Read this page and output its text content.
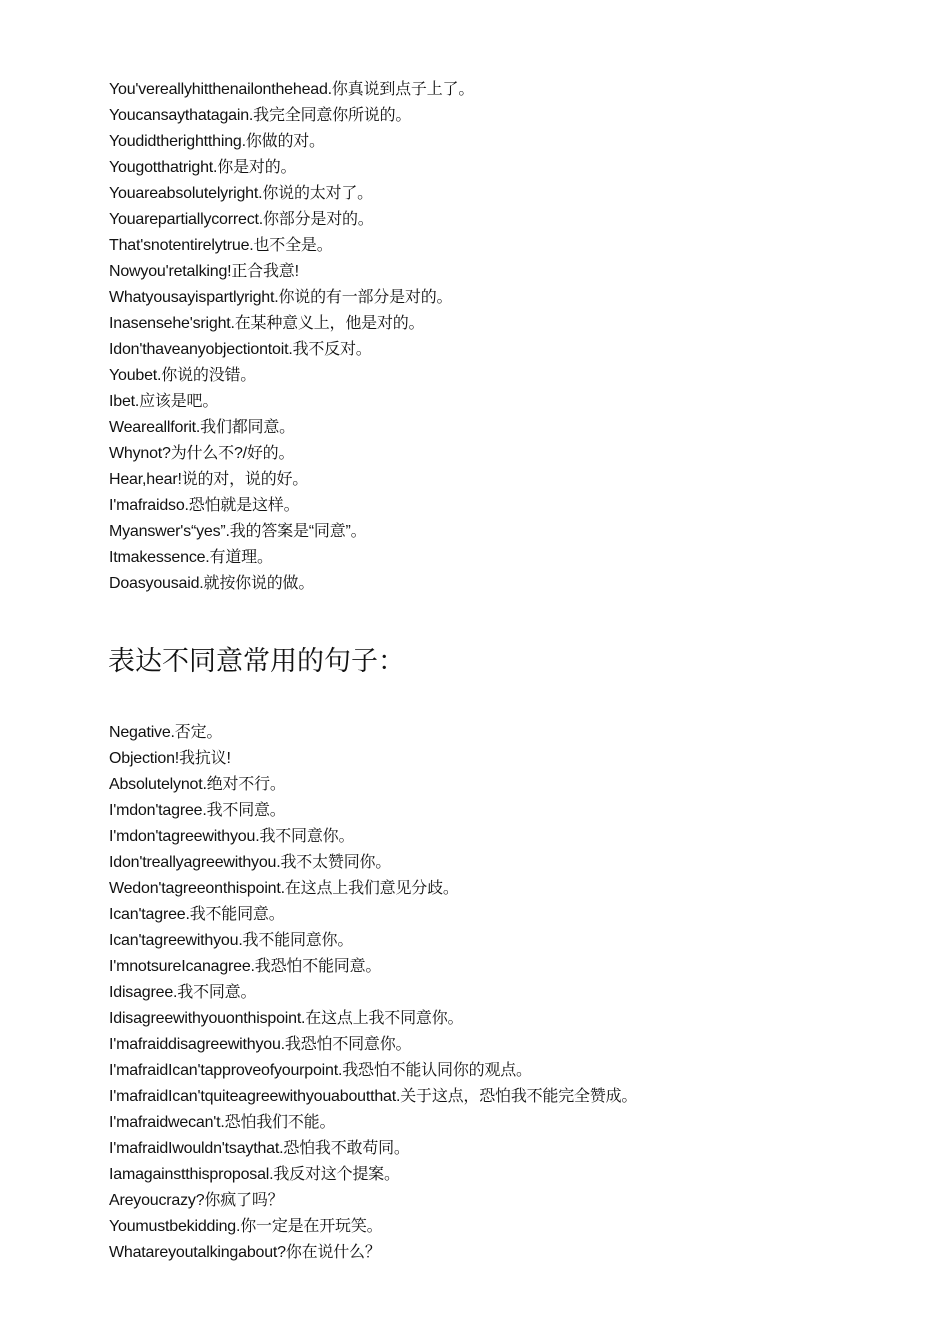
You'vereallyhitthenailonthehead.你真说到点子上了。
Youcansaythatagain.我完全同意你所说的。
Youdidtherightthing.你做的对。
Yougotthatright.你是对的。
Youareabsolutelyright.你说的太对了。
Youarepartiallycorrect.你部分是对的。
That'snotentirelytrue.也不全是。
Nowyou'retalking!正合我意!
Whatyousayispartlyright.你说的有一部分是对的。
Inasensehe'sright.在某种意义上，他是对的。
Idon'thaveanyobjectiontoit.我不反对。
Youbet.你说的没错。
Ibet.应该是吧。
Weareallforit.我们都同意。
Whynot?为什么不?/好的。
Hear,hear!说的对，说的好。
I'mafraidso.恐怕就是这样。
Myanswer's“yes”.我的答案是“同意”。
Itmakessence.有道理。
Doasyousaid.就按你说的做。
表达不同意常用的句子：
Negative.否定。
Objection!我抗议!
Absolutelynot.绝对不行。
I'mdon'tagree.我不同意。
I'mdon'tagreewithyou.我不同意你。
Idon'treallyagreewithyou.我不太赞同你。
Wedon'tagreeonthispoint.在这点上我们意见分歧。
Ican'tagree.我不能同意。
Ican'tagreewithyou.我不能同意你。
I'mnotsureIcanagree.我恐怕不能同意。
Idisagree.我不同意。
Idisagreewithyouonthispoint.在这点上我不同意你。
I'mafraiddisagreewithyou.我恐怕不同意你。
I'mafraidIcan'tapproveofyourpoint.我恐怕不能认同你的观点。
I'mafraidIcan'tquiteagreewithyouaboutthat.关于这点，恐怕我不能完全赞成。
I'mafraidwecan't.恐怕我们不能。
I'mafraidIwouldn'tsaythat.恐怕我不敢苟同。
Iamagainstthisproposal.我反对这个提案。
Areyoucrazy?你疯了吗？
Youmustbekidding.你一定是在开玩笑。
Whatareyoutalkingabout?你在说什么？
